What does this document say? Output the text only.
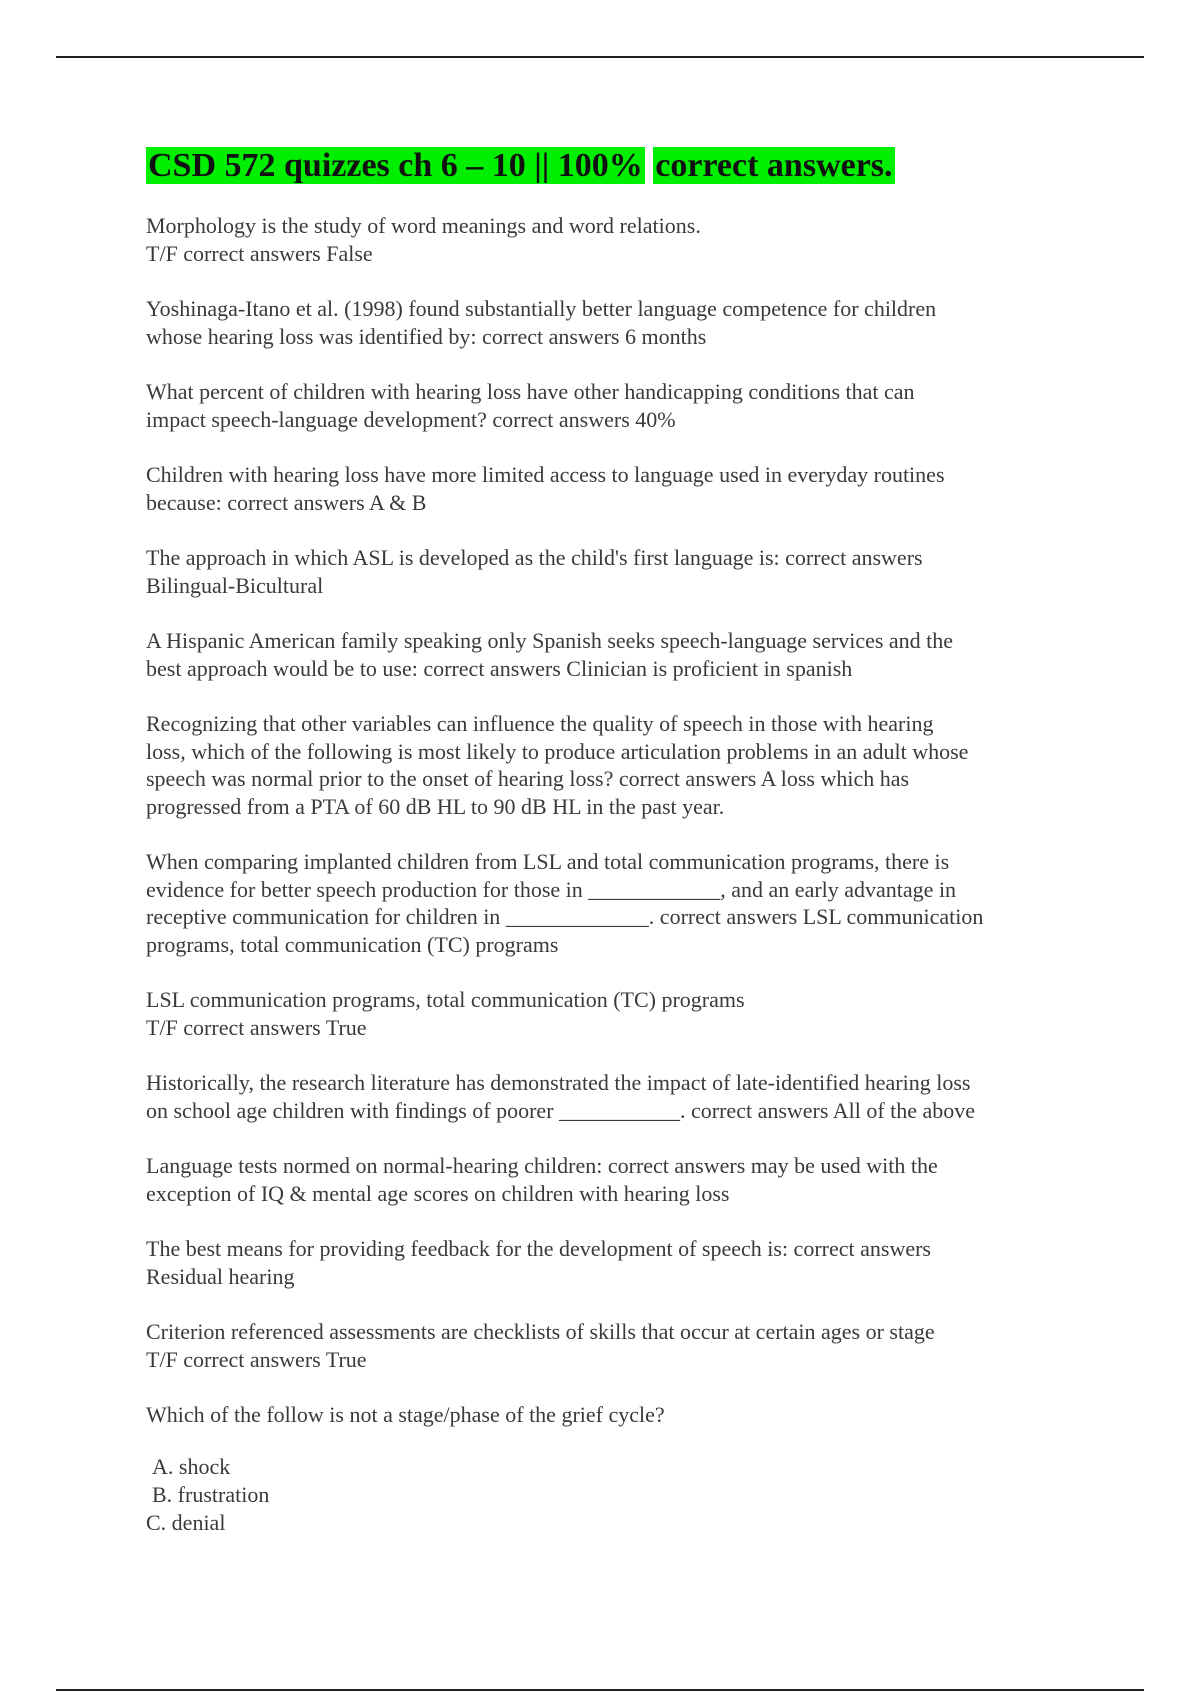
CSD 572 quizzes ch 6 – 10 || 100% correct answers.
Morphology is the study of word meanings and word relations.
T/F correct answers False
Yoshinaga-Itano et al. (1998) found substantially better language competence for children
whose hearing loss was identified by: correct answers 6 months
What percent of children with hearing loss have other handicapping conditions that can
impact speech-language development? correct answers 40%
Children with hearing loss have more limited access to language used in everyday routines
because: correct answers A & B
The approach in which ASL is developed as the child's first language is: correct answers
Bilingual-Bicultural
A Hispanic American family speaking only Spanish seeks speech-language services and the
best approach would be to use: correct answers Clinician is proficient in spanish
Recognizing that other variables can influence the quality of speech in those with hearing
loss, which of the following is most likely to produce articulation problems in an adult whose
speech was normal prior to the onset of hearing loss? correct answers A loss which has
progressed from a PTA of 60 dB HL to 90 dB HL in the past year.
When comparing implanted children from LSL and total communication programs, there is
evidence for better speech production for those in ____________, and an early advantage in
receptive communication for children in _____________. correct answers LSL communication
programs, total communication (TC) programs
LSL communication programs, total communication (TC) programs
T/F correct answers True
Historically, the research literature has demonstrated the impact of late-identified hearing loss
on school age children with findings of poorer ___________. correct answers All of the above
Language tests normed on normal-hearing children: correct answers may be used with the
exception of IQ & mental age scores on children with hearing loss
The best means for providing feedback for the development of speech is: correct answers
Residual hearing
Criterion referenced assessments are checklists of skills that occur at certain ages or stage
T/F correct answers True
Which of the follow is not a stage/phase of the grief cycle?
A. shock
B. frustration
C. denial
